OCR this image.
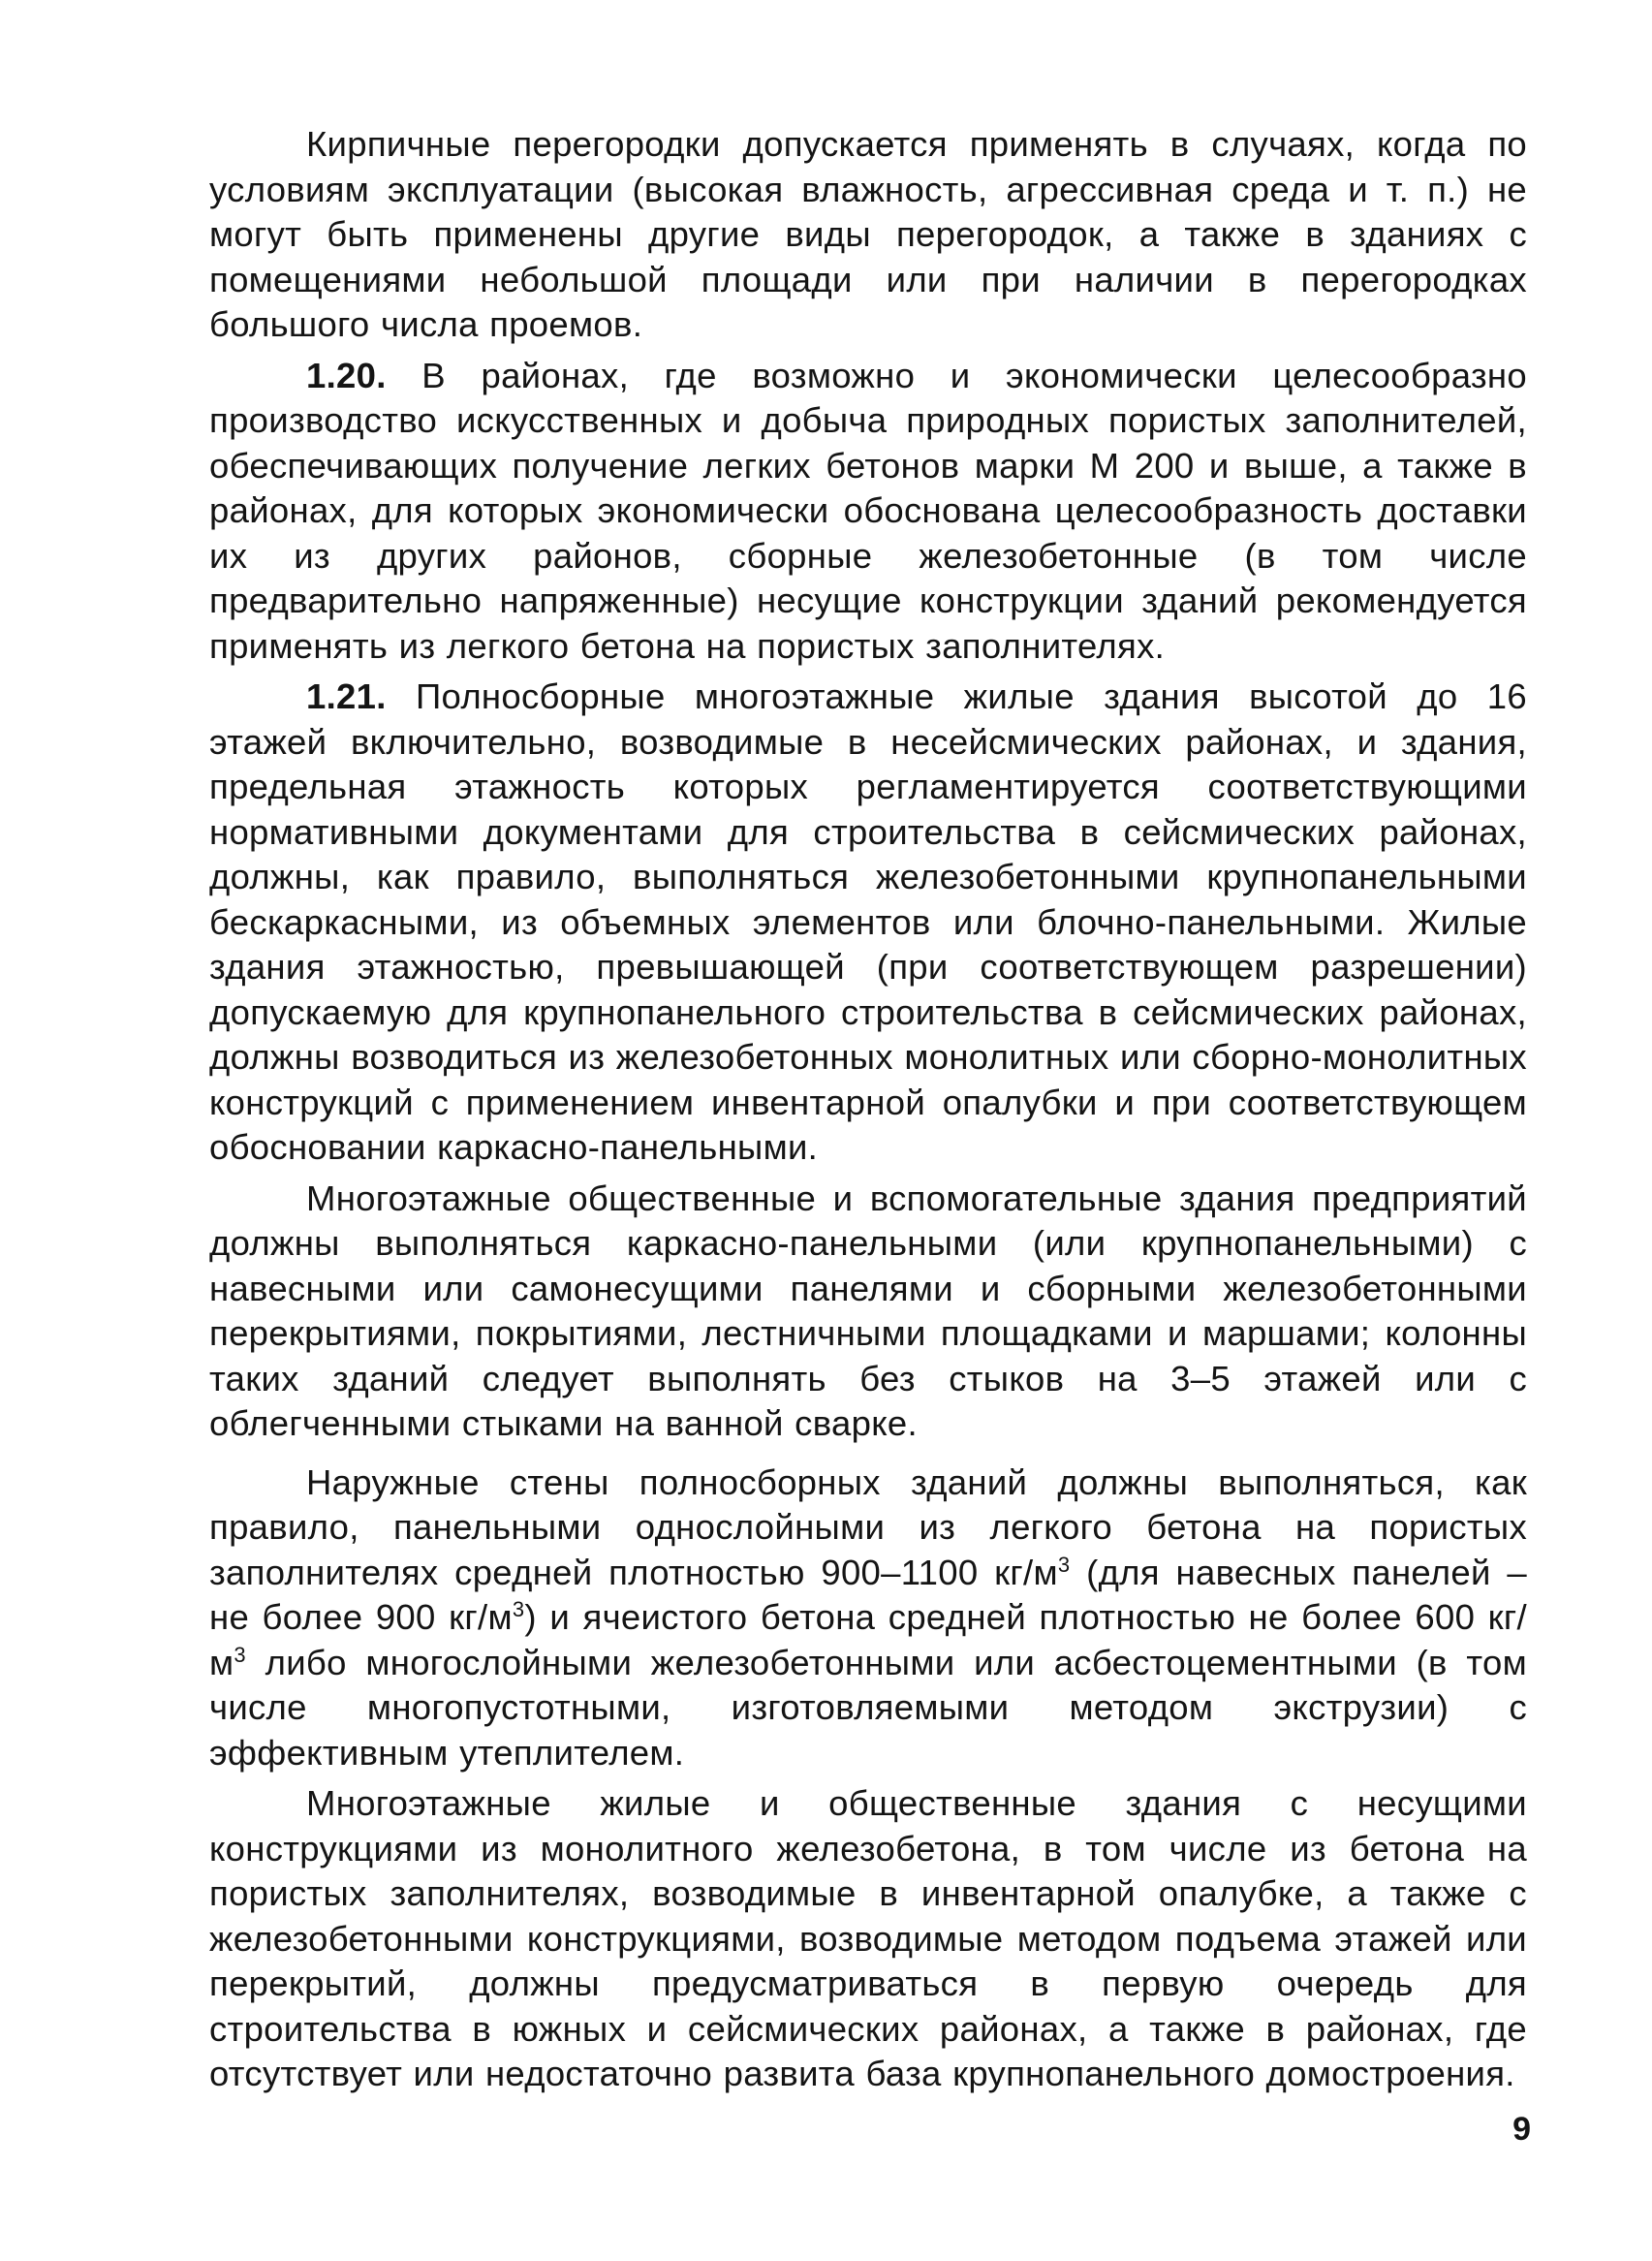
Кирпичные перегородки допускается применять в случаях, когда по условиям эксплуатации (высокая влажность, агрессивная среда и т. п.) не могут быть применены другие виды перегородок, а также в зданиях с помещениями небольшой площади или при наличии в перегородках большого числа проемов.

1.20. В районах, где возможно и экономически целесообразно производство искусственных и добыча природных пористых заполнителей, обеспечивающих получение легких бетонов марки М 200 и выше, а также в районах, для которых экономически обоснована целесообразность доставки их из других районов, сборные железобетонные (в том числе предварительно напряженные) несущие конструкции зданий рекомендуется применять из легкого бетона на пористых заполнителях.

1.21. Полносборные многоэтажные жилые здания высотой до 16 этажей включительно, возводимые в несейсмических районах, и здания, предельная этажность которых регламентируется соответствующими нормативными документами для строительства в сейсмических районах, должны, как правило, выполняться железобетонными крупнопанельными бескаркасными, из объемных элементов или блочно-панельными. Жилые здания этажностью, превышающей (при соответствующем разрешении) допускаемую для крупнопанельного строительства в сейсмических районах, должны возводиться из железобетонных монолитных или сборно-монолитных конструкций с применением инвентарной опалубки и при соответствующем обосновании каркасно-панельными.

Многоэтажные общественные и вспомогательные здания предприятий должны выполняться каркасно-панельными (или крупнопанельными) с навесными или самонесущими панелями и сборными железобетонными перекрытиями, покрытиями, лестничными площадками и маршами; колонны таких зданий следует выполнять без стыков на 3–5 этажей или с облегченными стыками на ванной сварке.

Наружные стены полносборных зданий должны выполняться, как правило, панельными однослойными из легкого бетона на пористых заполнителях средней плотностью 900–1100 $кг/м^3$ (для навесных панелей – не более 900 $кг/м^3$) и ячеистого бетона средней плотностью не более 600 $кг/м^3$ либо многослойными железобетонными или асбестоцементными (в том числе многопустотными, изготовляемыми методом экструзии) с эффективным утеплителем.

Многоэтажные жилые и общественные здания с несущими конструкциями из монолитного железобетона, в том числе из бетона на пористых заполнителях, возводимые в инвентарной опалубке, а также с железобетонными конструкциями, возводимые методом подъема этажей или перекрытий, должны предусматриваться в первую очередь для строительства в южных и сейсмических районах, а также в районах, где отсутствует или недостаточно развита база крупнопанельного домостроения.

9
